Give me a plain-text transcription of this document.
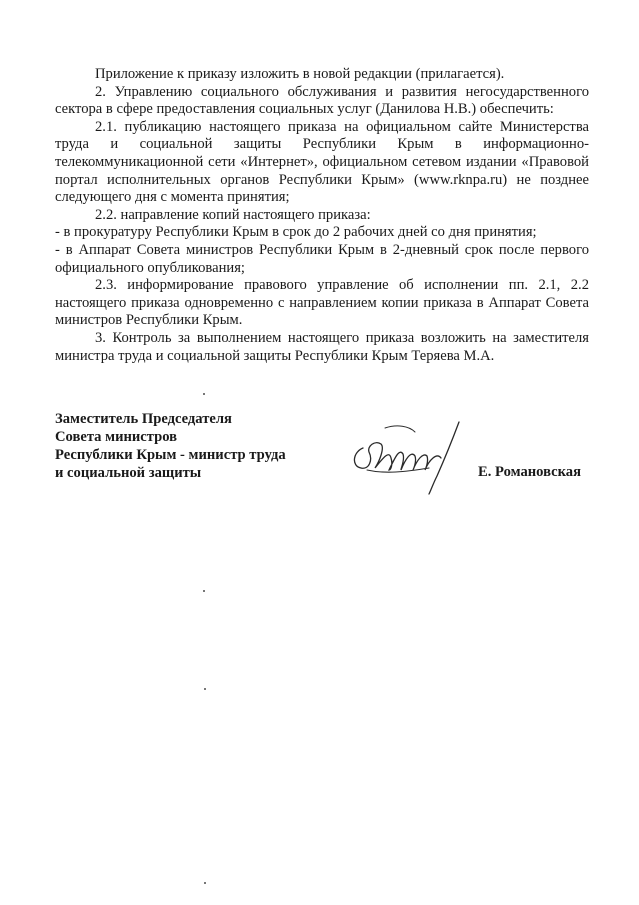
Приложение к приказу изложить в новой редакции (прилагается).

2. Управлению социального обслуживания и развития негосударственного сектора в сфере предоставления социальных услуг (Данилова Н.В.) обеспечить:

2.1. публикацию настоящего приказа на официальном сайте Министерства труда и социальной защиты Республики Крым в информационно-телекоммуникационной сети «Интернет», официальном сетевом издании «Правовой портал исполнительных органов Республики Крым» (www.rknpa.ru) не позднее следующего дня с момента принятия;

2.2. направление копий настоящего приказа:

- в прокуратуру Республики Крым в срок до 2 рабочих дней со дня принятия;

- в Аппарат Совета министров Республики Крым в 2-дневный срок после первого официального опубликования;

2.3. информирование правового управление об исполнении пп. 2.1, 2.2 настоящего приказа одновременно с направлением копии приказа в Аппарат Совета министров Республики Крым.

3. Контроль за выполнением настоящего приказа возложить на заместителя министра труда и социальной защиты Республики Крым Теряева М.А.

Заместитель Председателя
Совета министров
Республики Крым - министр труда
и социальной защиты	Е. Романовская
